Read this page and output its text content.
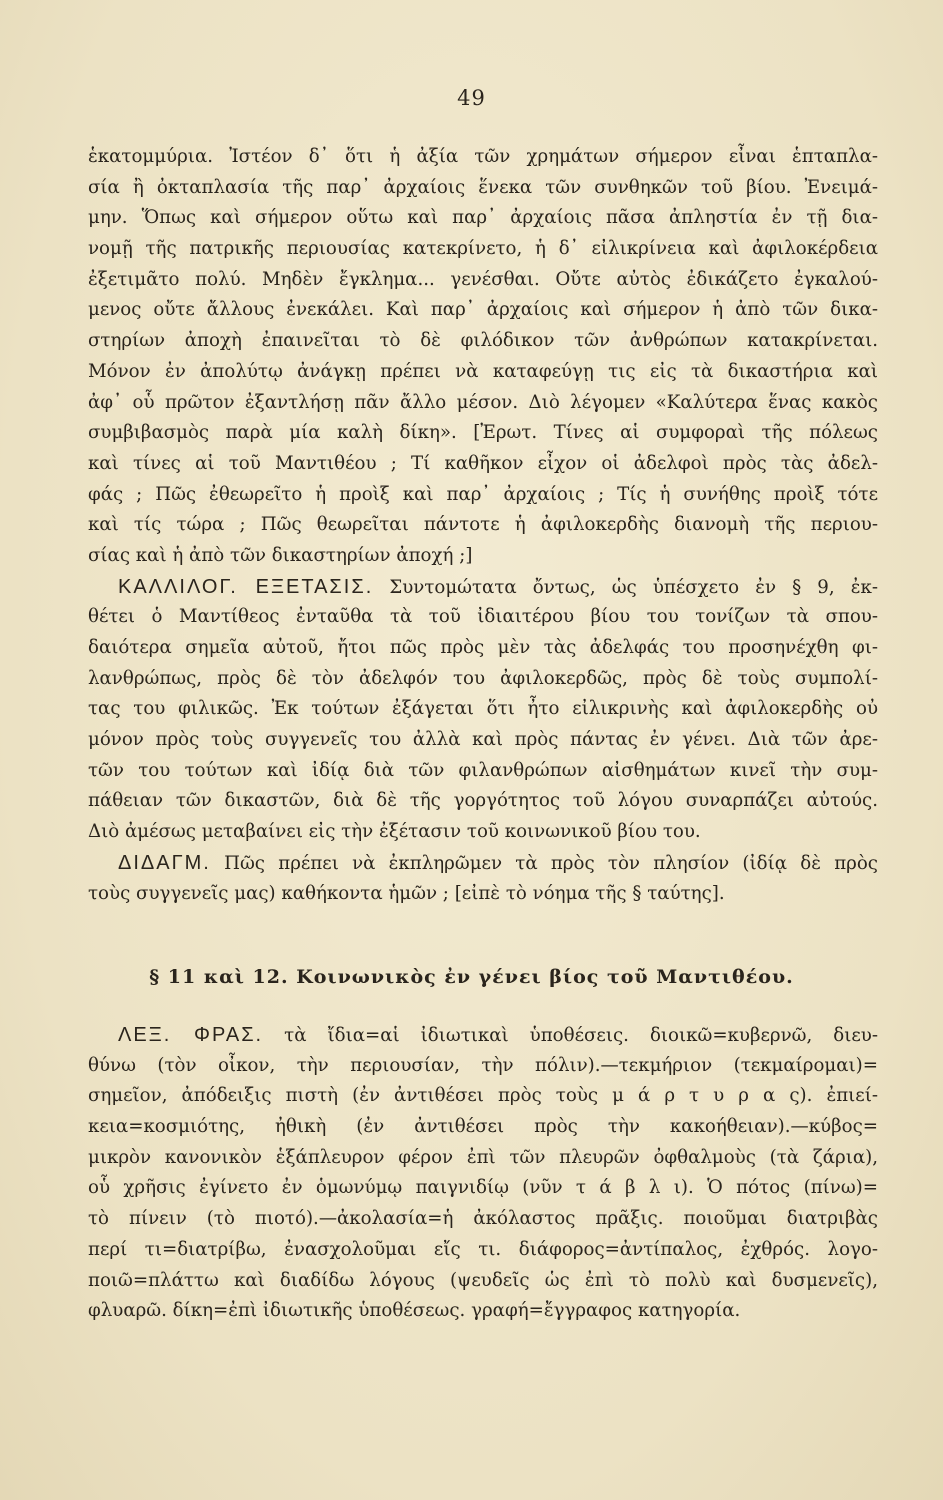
49
ἑκατομμύρια. Ἰστέον δ᾽ ὅτι ἡ ἀξία τῶν χρημάτων σήμερον εἶναι ἑπταπλα-
σία ἢ ὀκταπλασία τῆς παρ᾽ ἀρχαίοις ἕνεκα τῶν συνθηκῶν τοῦ βίου. Ἐνειμά-
μην. Ὅπως καὶ σήμερον οὕτω καὶ παρ᾽ ἀρχαίοις πᾶσα ἀπληστία ἐν τῇ δια-
νομῇ τῆς πατρικῆς περιουσίας κατεκρίνετο, ἡ δ᾽ εἰλικρίνεια καὶ ἀφιλοκέρδεια
ἐξετιμᾶτο πολύ. Μηδὲν ἔγκλημα... γενέσθαι. Οὔτε αὐτὸς ἐδικάζετο ἐγκαλού-
μενος οὔτε ἄλλους ἐνεκάλει. Καὶ παρ᾽ ἀρχαίοις καὶ σήμερον ἡ ἀπὸ τῶν δικα-
στηρίων ἀποχὴ ἐπαινεῖται τὸ δὲ φιλόδικον τῶν ἀνθρώπων κατακρίνεται.
Μόνον ἐν ἀπολύτῳ ἀνάγκῃ πρέπει νὰ καταφεύγῃ τις εἰς τὰ δικαστήρια καὶ
ἀφ᾽ οὗ πρῶτον ἐξαντλήσῃ πᾶν ἄλλο μέσον. Διὸ λέγομεν «Καλύτερα ἕνας κακὸς
συμβιβασμὸς παρὰ μία καλὴ δίκη». [Ἐρωτ. Τίνες αἱ συμφοραὶ τῆς πόλεως
καὶ τίνες αἱ τοῦ Μαντιθέου ; Τί καθῆκον εἶχον οἱ ἀδελφοὶ πρὸς τὰς ἀδελ-
φάς ; Πῶς ἐθεωρεῖτο ἡ προὶξ καὶ παρ᾽ ἀρχαίοις ; Τίς ἡ συνήθης προὶξ τότε
καὶ τίς τώρα ; Πῶς θεωρεῖται πάντοτε ἡ ἀφιλοκερδὴς διανομὴ τῆς περιου-
σίας καὶ ἡ ἀπὸ τῶν δικαστηρίων ἀποχή ;]
ΚΑΛΛΙΛΟΓ. ΕΞΕΤΑΣΙΣ. Συντομώτατα ὄντως, ὡς ὑπέσχετο ἐν § 9, ἐκ-
θέτει ὁ Μαντίθεος ἐνταῦθα τὰ τοῦ ἰδιαιτέρου βίου του τονίζων τὰ σπου-
δαιότερα σημεῖα αὐτοῦ, ἤτοι πῶς πρὸς μὲν τὰς ἀδελφάς του προσηνέχθη φι-
λανθρώπως, πρὸς δὲ τὸν ἀδελφόν του ἀφιλοκερδῶς, πρὸς δὲ τοὺς συμπολί-
τας του φιλικῶς. Ἐκ τούτων ἐξάγεται ὅτι ἦτο εἰλικρινὴς καὶ ἀφιλοκερδὴς οὐ
μόνον πρὸς τοὺς συγγενεῖς του ἀλλὰ καὶ πρὸς πάντας ἐν γένει. Διὰ τῶν ἀρε-
τῶν του τούτων καὶ ἰδίᾳ διὰ τῶν φιλανθρώπων αἰσθημάτων κινεῖ τὴν συμ-
πάθειαν τῶν δικαστῶν, διὰ δὲ τῆς γοργότητος τοῦ λόγου συναρπάζει αὐτούς.
Διὸ ἀμέσως μεταβαίνει εἰς τὴν ἐξέτασιν τοῦ κοινωνικοῦ βίου του.
ΔΙΔΑΓΜ. Πῶς πρέπει νὰ ἐκπληρῶμεν τὰ πρὸς τὸν πλησίον (ἰδίᾳ δὲ πρὸς
τοὺς συγγενεῖς μας) καθήκοντα ἡμῶν ; [εἰπὲ τὸ νόημα τῆς § ταύτης].
§ 11 καὶ 12. Κοινωνικὸς ἐν γένει βίος τοῦ Μαντιθέου.
ΛΕΞ. ΦΡΑΣ. τὰ ἴδια=αἱ ἰδιωτικαὶ ὑποθέσεις. διοικῶ=κυβερνῶ, διευ-
θύνω (τὸν οἶκον, τὴν περιουσίαν, τὴν πόλιν).—τεκμήριον (τεκμαίρομαι)=
σημεῖον, ἀπόδειξις πιστὴ (ἐν ἀντιθέσει πρὸς τοὺς μ ά ρ τ υ ρ α ς). ἐπιεί-
κεια=κοσμιότης, ἠθικὴ (ἐν ἀντιθέσει πρὸς τὴν κακοήθειαν).—κύβος=
μικρὸν κανονικὸν ἑξάπλευρον φέρον ἐπὶ τῶν πλευρῶν ὀφθαλμοὺς (τὰ ζάρια),
οὗ χρῆσις ἐγίνετο ἐν ὁμωνύμῳ παιγνιδίῳ (νῦν τ ά β λ ι). Ὁ πότος (πίνω)=
τὸ πίνειν (τὸ πιοτό).—ἀκολασία=ἡ ἀκόλαστος πρᾶξις. ποιοῦμαι διατριβὰς
περί τι=διατρίβω, ἐνασχολοῦμαι εἴς τι. διάφορος=ἀντίπαλος, ἐχθρός. λογο-
ποιῶ=πλάττω καὶ διαδίδω λόγους (ψευδεῖς ὡς ἐπὶ τὸ πολὺ καὶ δυσμενεῖς),
φλυαρῶ. δίκη=ἐπὶ ἰδιωτικῆς ὑποθέσεως. γραφή=ἔγγραφος κατηγορία.
